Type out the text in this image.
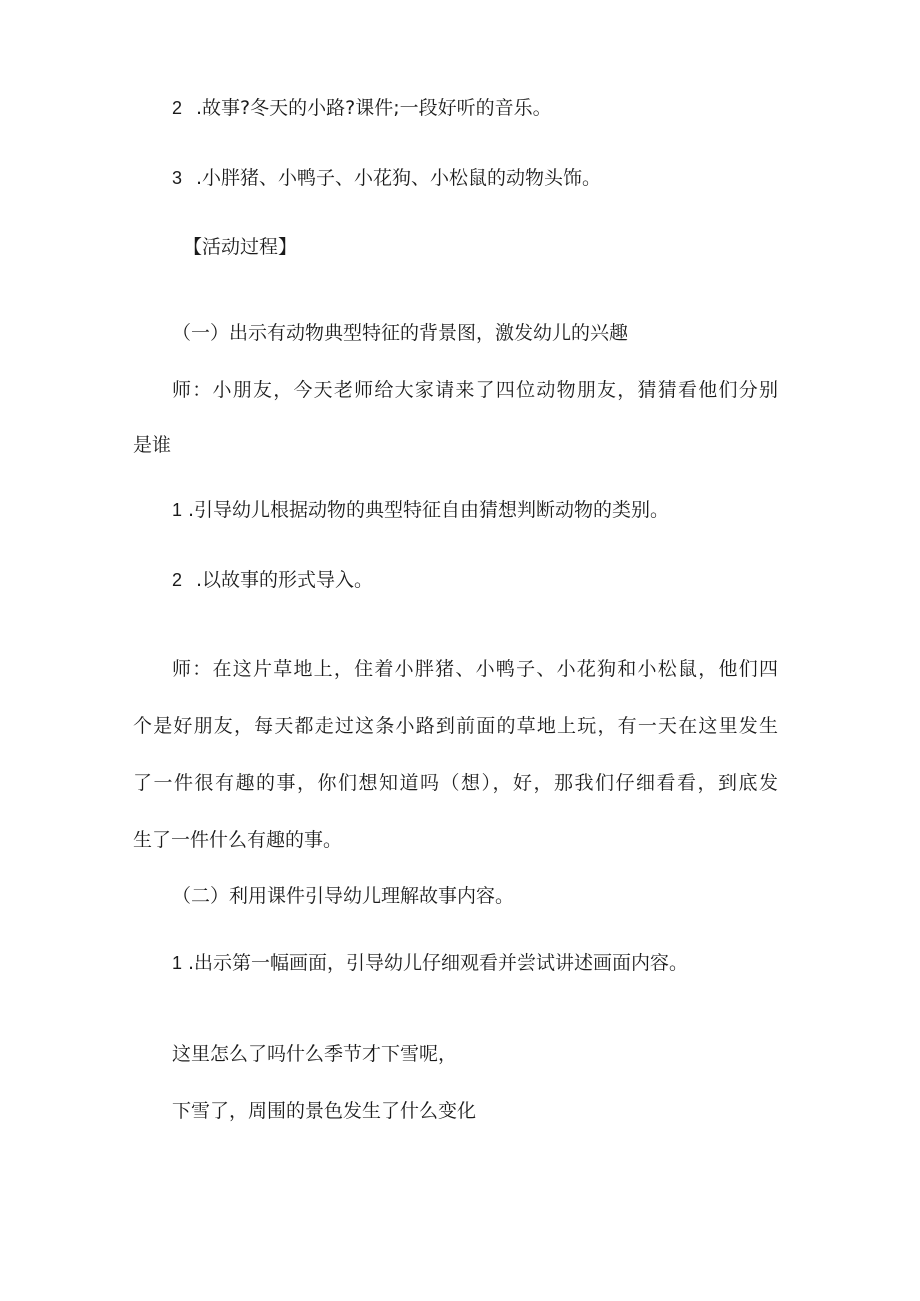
2 .故事?冬天的小路?课件;一段好听的音乐。

3 .小胖猪、小鸭子、小花狗、小松鼠的动物头饰。

【活动过程】

（一）出示有动物典型特征的背景图，激发幼儿的兴趣

师：小朋友，今天老师给大家请来了四位动物朋友，猜猜看他们分别

是谁

1 .引导幼儿根据动物的典型特征自由猜想判断动物的类别。

2 .以故事的形式导入。

师：在这片草地上，住着小胖猪、小鸭子、小花狗和小松鼠，他们四

个是好朋友，每天都走过这条小路到前面的草地上玩，有一天在这里发生

了一件很有趣的事，你们想知道吗（想），好，那我们仔细看看，到底发

生了一件什么有趣的事。

（二）利用课件引导幼儿理解故事内容。

1 .出示第一幅画面，引导幼儿仔细观看并尝试讲述画面内容。

这里怎么了吗什么季节才下雪呢，

下雪了，周围的景色发生了什么变化
